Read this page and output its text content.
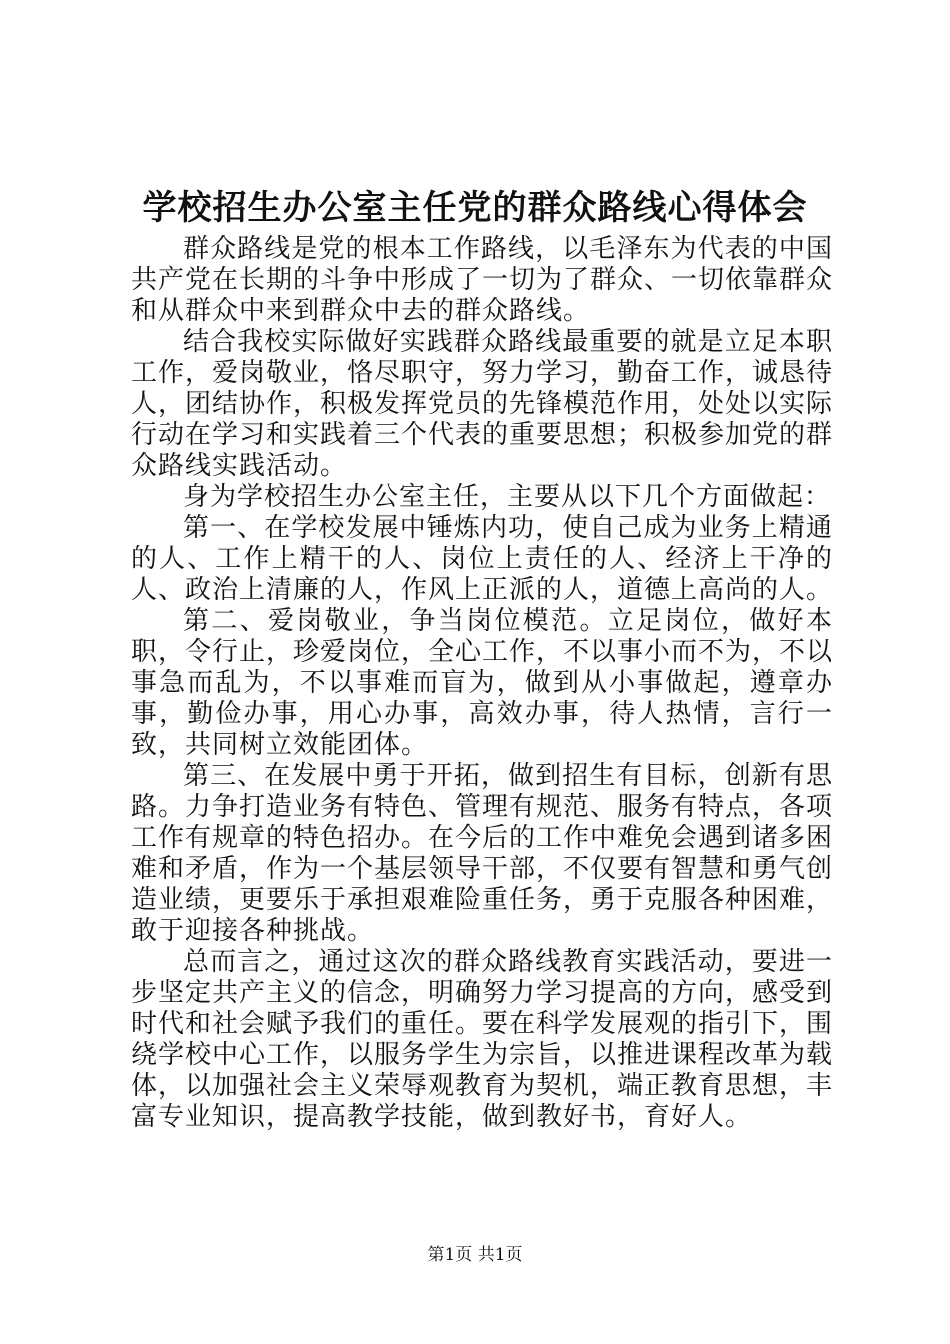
学校招生办公室主任党的群众路线心得体会

群众路线是党的根本工作路线，以毛泽东为代表的中国共产党在长期的斗争中形成了一切为了群众、一切依靠群众和从群众中来到群众中去的群众路线。

结合我校实际做好实践群众路线最重要的就是立足本职工作，爱岗敬业，恪尽职守，努力学习，勤奋工作，诚恳待人，团结协作，积极发挥党员的先锋模范作用，处处以实际行动在学习和实践着三个代表的重要思想；积极参加党的群众路线实践活动。

身为学校招生办公室主任，主要从以下几个方面做起：

第一、在学校发展中锤炼内功，使自己成为业务上精通的人、工作上精干的人、岗位上责任的人、经济上干净的人、政治上清廉的人，作风上正派的人，道德上高尚的人。

第二、爱岗敬业，争当岗位模范。立足岗位，做好本职，令行止，珍爱岗位，全心工作，不以事小而不为，不以事急而乱为，不以事难而盲为，做到从小事做起，遵章办事，勤俭办事，用心办事，高效办事，待人热情，言行一致，共同树立效能团体。

第三、在发展中勇于开拓，做到招生有目标，创新有思路。力争打造业务有特色、管理有规范、服务有特点，各项工作有规章的特色招办。在今后的工作中难免会遇到诸多困难和矛盾，作为一个基层领导干部，不仅要有智慧和勇气创造业绩，更要乐于承担艰难险重任务，勇于克服各种困难，敢于迎接各种挑战。

总而言之，通过这次的群众路线教育实践活动，要进一步坚定共产主义的信念，明确努力学习提高的方向，感受到时代和社会赋予我们的重任。要在科学发展观的指引下，围绕学校中心工作，以服务学生为宗旨，以推进课程改革为载体，以加强社会主义荣辱观教育为契机，端正教育思想，丰富专业知识，提高教学技能，做到教好书，育好人。

第1页 共1页
